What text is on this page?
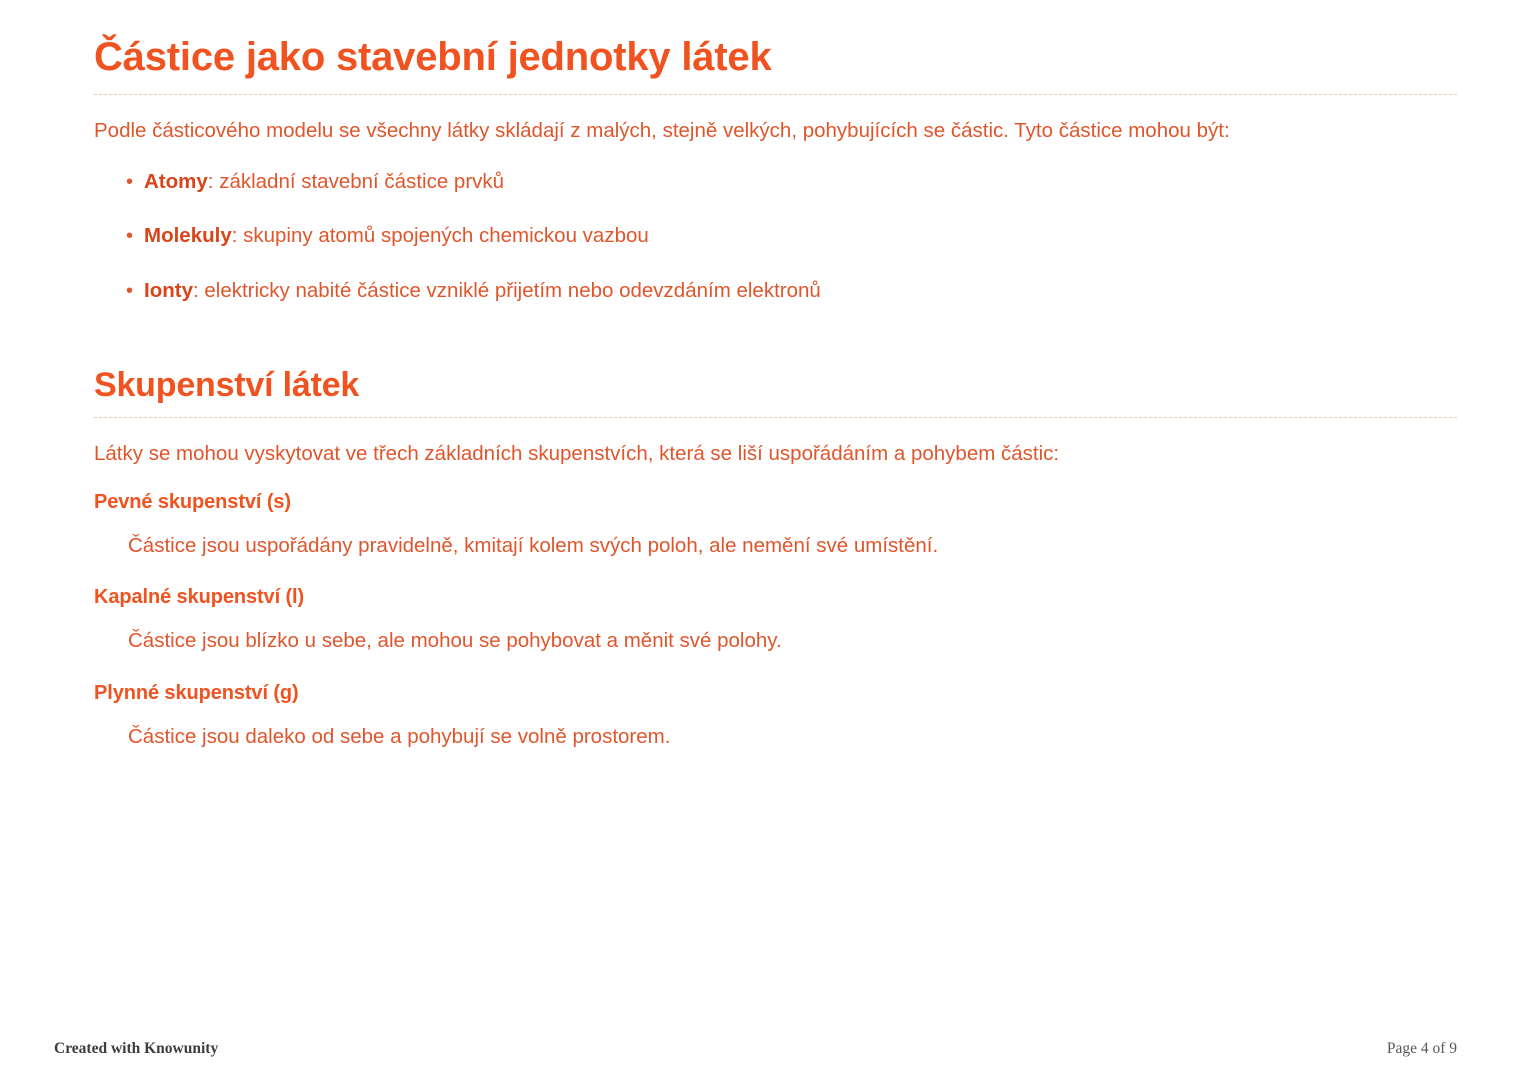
Částice jako stavební jednotky látek

Podle částicového modelu se všechny látky skládají z malých, stejně velkých, pohybujících se částic. Tyto částice mohou být:

• Atomy: základní stavební částice prvků
• Molekuly: skupiny atomů spojených chemickou vazbou
• Ionty: elektricky nabité částice vzniklé přijetím nebo odevzdáním elektronů
Skupenství látek

Látky se mohou vyskytovat ve třech základních skupenstvích, která se liší uspořádáním a pohybem částic:

Pevné skupenství (s)

Částice jsou uspořádány pravidelně, kmitají kolem svých poloh, ale nemění své umístění.

Kapalné skupenství (l)

Částice jsou blízko u sebe, ale mohou se pohybovat a měnit své polohy.

Plynné skupenství (g)

Částice jsou daleko od sebe a pohybují se volně prostorem.

Created with Knowunity	Page 4 of 9
